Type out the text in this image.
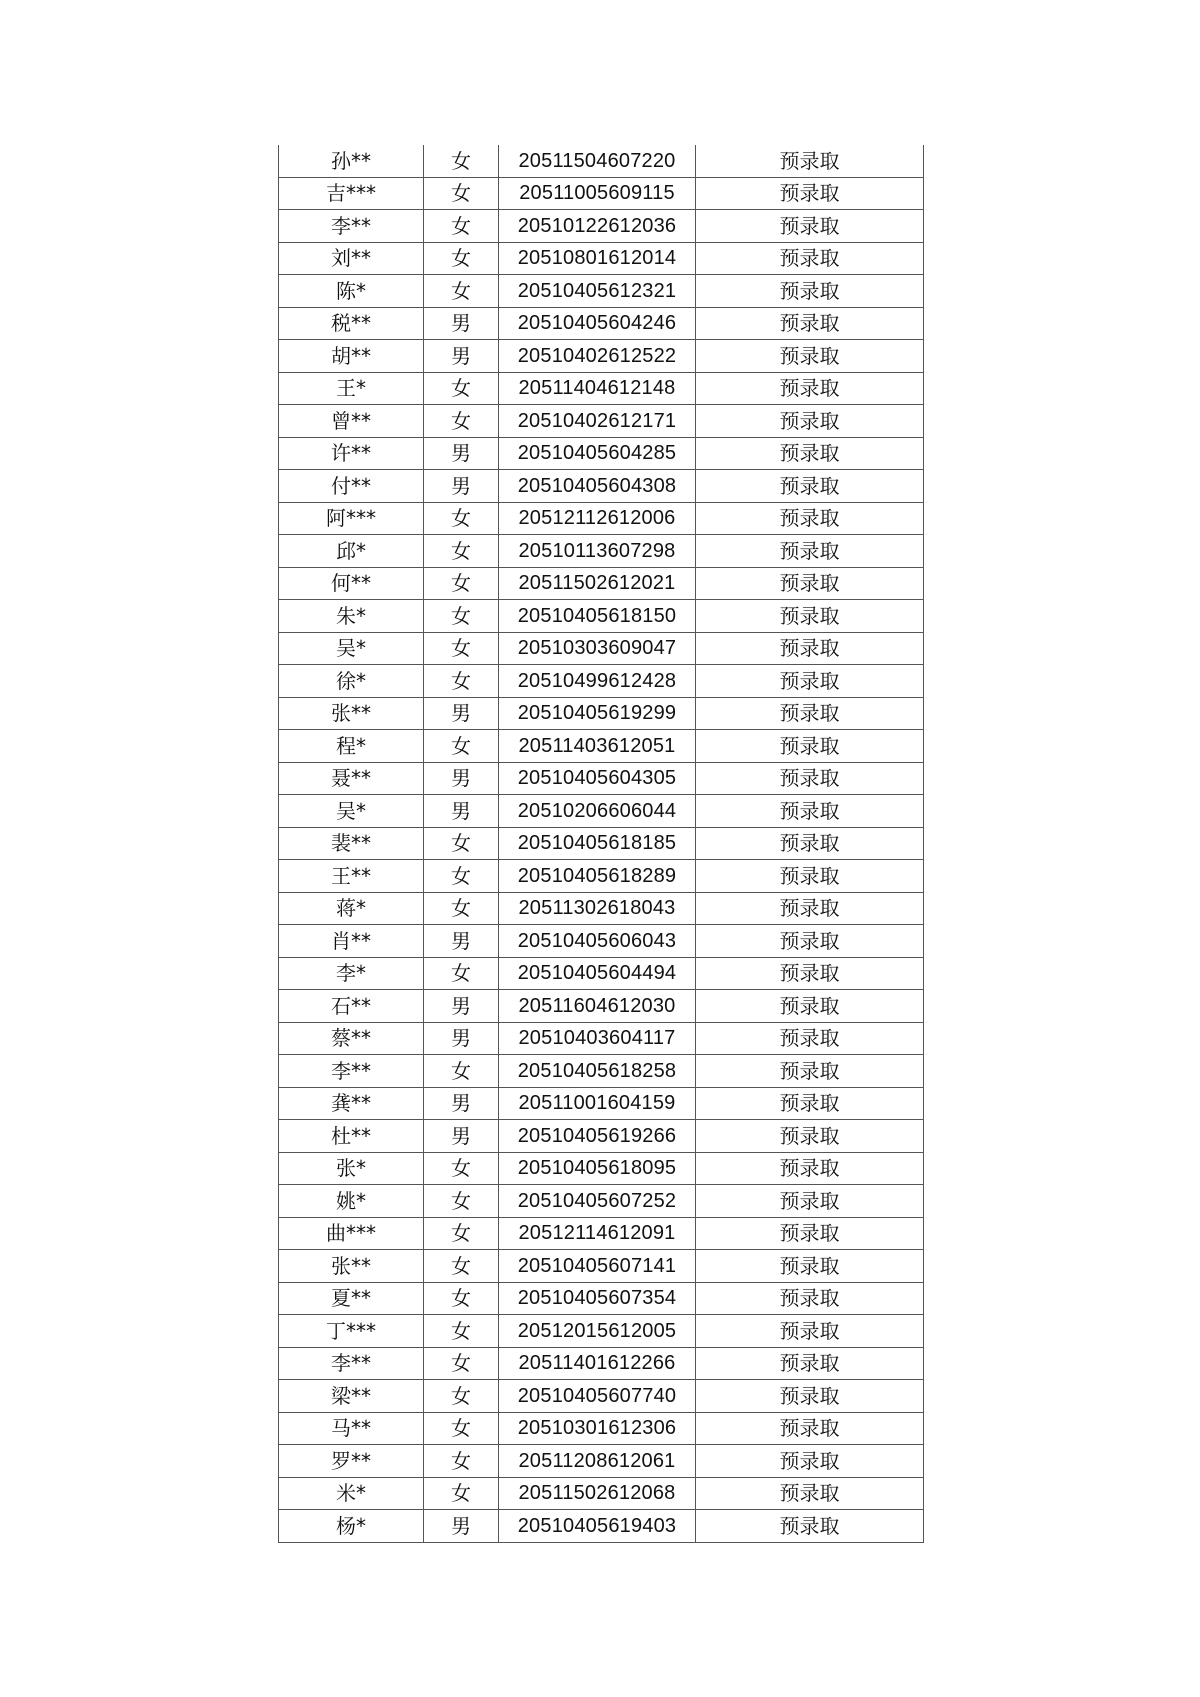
孙**	女	20511504607220	预录取
吉***	女	20511005609115	预录取
李**	女	20510122612036	预录取
刘**	女	20510801612014	预录取
陈*	女	20510405612321	预录取
税**	男	20510405604246	预录取
胡**	男	20510402612522	预录取
王*	女	20511404612148	预录取
曾**	女	20510402612171	预录取
许**	男	20510405604285	预录取
付**	男	20510405604308	预录取
阿***	女	20512112612006	预录取
邱*	女	20510113607298	预录取
何**	女	20511502612021	预录取
朱*	女	20510405618150	预录取
吴*	女	20510303609047	预录取
徐*	女	20510499612428	预录取
张**	男	20510405619299	预录取
程*	女	20511403612051	预录取
聂**	男	20510405604305	预录取
吴*	男	20510206606044	预录取
裴**	女	20510405618185	预录取
王**	女	20510405618289	预录取
蒋*	女	20511302618043	预录取
肖**	男	20510405606043	预录取
李*	女	20510405604494	预录取
石**	男	20511604612030	预录取
蔡**	男	20510403604117	预录取
李**	女	20510405618258	预录取
龚**	男	20511001604159	预录取
杜**	男	20510405619266	预录取
张*	女	20510405618095	预录取
姚*	女	20510405607252	预录取
曲***	女	20512114612091	预录取
张**	女	20510405607141	预录取
夏**	女	20510405607354	预录取
丁***	女	20512015612005	预录取
李**	女	20511401612266	预录取
梁**	女	20510405607740	预录取
马**	女	20510301612306	预录取
罗**	女	20511208612061	预录取
米*	女	20511502612068	预录取
杨*	男	20510405619403	预录取
